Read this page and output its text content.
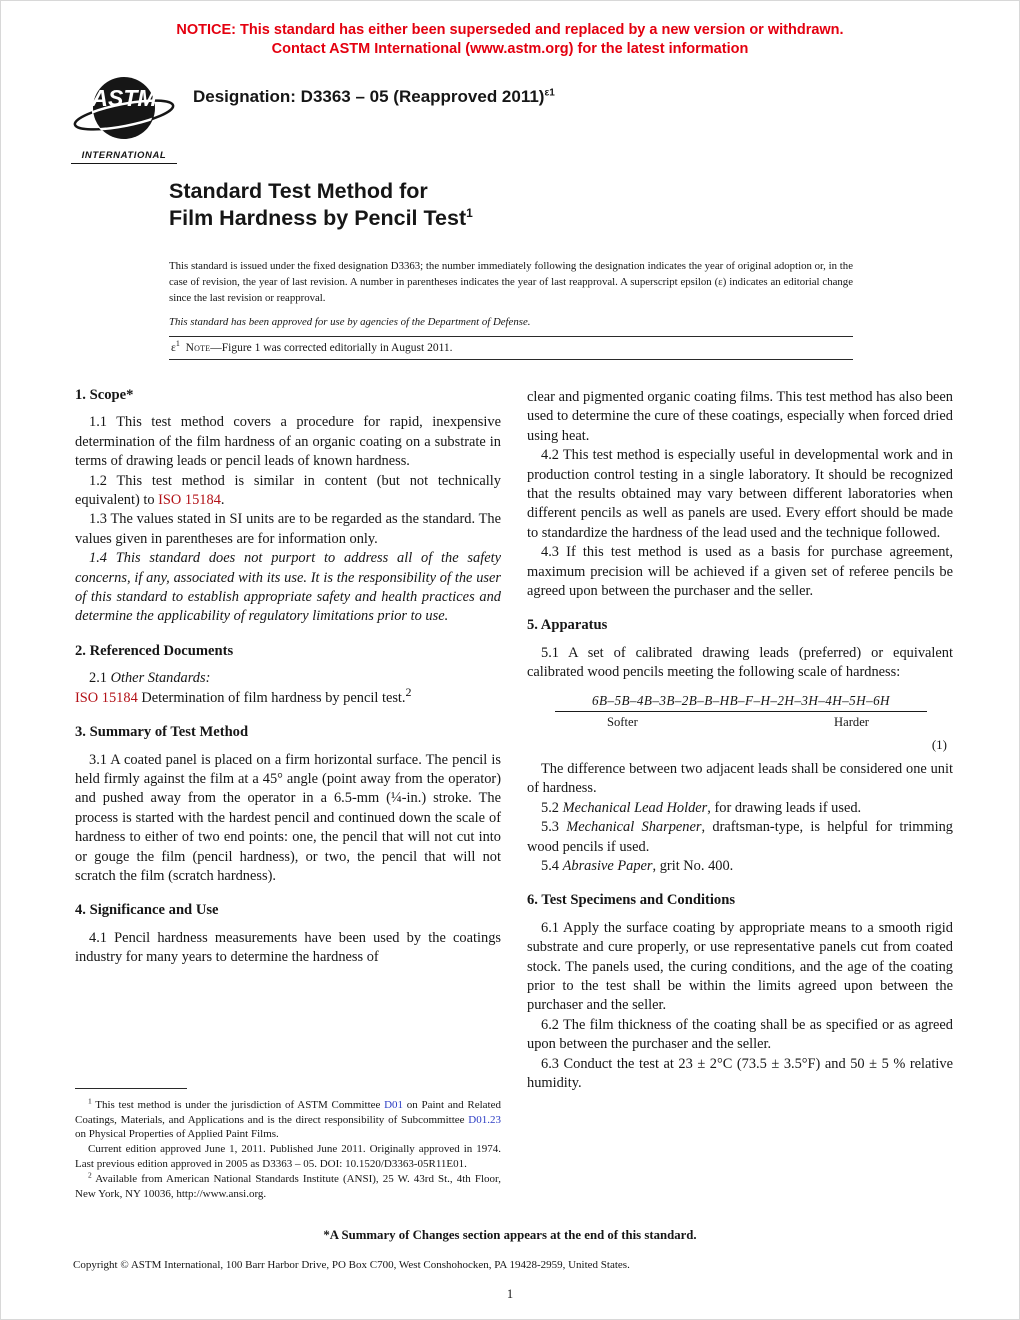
NOTICE: This standard has either been superseded and replaced by a new version or withdrawn.
Contact ASTM International (www.astm.org) for the latest information
ASTM
INTERNATIONAL
Designation: D3363 – 05 (Reapproved 2011)$^{\varepsilon 1}$
Standard Test Method for
Film Hardness by Pencil Test$^1$

This standard is issued under the fixed designation D3363; the number immediately following the designation indicates the year of original adoption or, in the case of revision, the year of last revision. A number in parentheses indicates the year of last reapproval. A superscript epsilon (ε) indicates an editorial change since the last revision or reapproval.

This standard has been approved for use by agencies of the Department of Defense.

$\varepsilon^1$ Note—Figure 1 was corrected editorially in August 2011.
1. Scope*

1.1 This test method covers a procedure for rapid, inexpensive determination of the film hardness of an organic coating on a substrate in terms of drawing leads or pencil leads of known hardness.

1.2 This test method is similar in content (but not technically equivalent) to ISO 15184.

1.3 The values stated in SI units are to be regarded as the standard. The values given in parentheses are for information only.

1.4 This standard does not purport to address all of the safety concerns, if any, associated with its use. It is the responsibility of the user of this standard to establish appropriate safety and health practices and determine the applicability of regulatory limitations prior to use.

2. Referenced Documents

2.1 Other Standards:

ISO 15184 Determination of film hardness by pencil test.$^2$

3. Summary of Test Method

3.1 A coated panel is placed on a firm horizontal surface. The pencil is held firmly against the film at a 45° angle (point away from the operator) and pushed away from the operator in a 6.5-mm (¼-in.) stroke. The process is started with the hardest pencil and continued down the scale of hardness to either of two end points: one, the pencil that will not cut into or gouge the film (pencil hardness), or two, the pencil that will not scratch the film (scratch hardness).

4. Significance and Use

4.1 Pencil hardness measurements have been used by the coatings industry for many years to determine the hardness of

$^1$ This test method is under the jurisdiction of ASTM Committee D01 on Paint and Related Coatings, Materials, and Applications and is the direct responsibility of Subcommittee D01.23 on Physical Properties of Applied Paint Films.

Current edition approved June 1, 2011. Published June 2011. Originally approved in 1974. Last previous edition approved in 2005 as D3363 – 05. DOI: 10.1520/D3363-05R11E01.

$^2$ Available from American National Standards Institute (ANSI), 25 W. 43rd St., 4th Floor, New York, NY 10036, http://www.ansi.org.

clear and pigmented organic coating films. This test method has also been used to determine the cure of these coatings, especially when forced dried using heat.

4.2 This test method is especially useful in developmental work and in production control testing in a single laboratory. It should be recognized that the results obtained may vary between different laboratories when different pencils as well as panels are used. Every effort should be made to standardize the hardness of the lead used and the technique followed.

4.3 If this test method is used as a basis for purchase agreement, maximum precision will be achieved if a given set of referee pencils be agreed upon between the purchaser and the seller.

5. Apparatus

5.1 A set of calibrated drawing leads (preferred) or equivalent calibrated wood pencils meeting the following scale of hardness:

6B–5B–4B–3B–2B–B–HB–F–H–2H–3H–4H–5H–6H
Softer	Harder
(1)

The difference between two adjacent leads shall be considered one unit of hardness.

5.2 Mechanical Lead Holder, for drawing leads if used.

5.3 Mechanical Sharpener, draftsman-type, is helpful for trimming wood pencils if used.

5.4 Abrasive Paper, grit No. 400.

6. Test Specimens and Conditions

6.1 Apply the surface coating by appropriate means to a smooth rigid substrate and cure properly, or use representative panels cut from coated stock. The panels used, the curing conditions, and the age of the coating prior to the test shall be within the limits agreed upon between the purchaser and the seller.

6.2 The film thickness of the coating shall be as specified or as agreed upon between the purchaser and the seller.

6.3 Conduct the test at 23 ± 2°C (73.5 ± 3.5°F) and 50 ± 5 % relative humidity.

*A Summary of Changes section appears at the end of this standard.
Copyright © ASTM International, 100 Barr Harbor Drive, PO Box C700, West Conshohocken, PA 19428-2959, United States.
1
